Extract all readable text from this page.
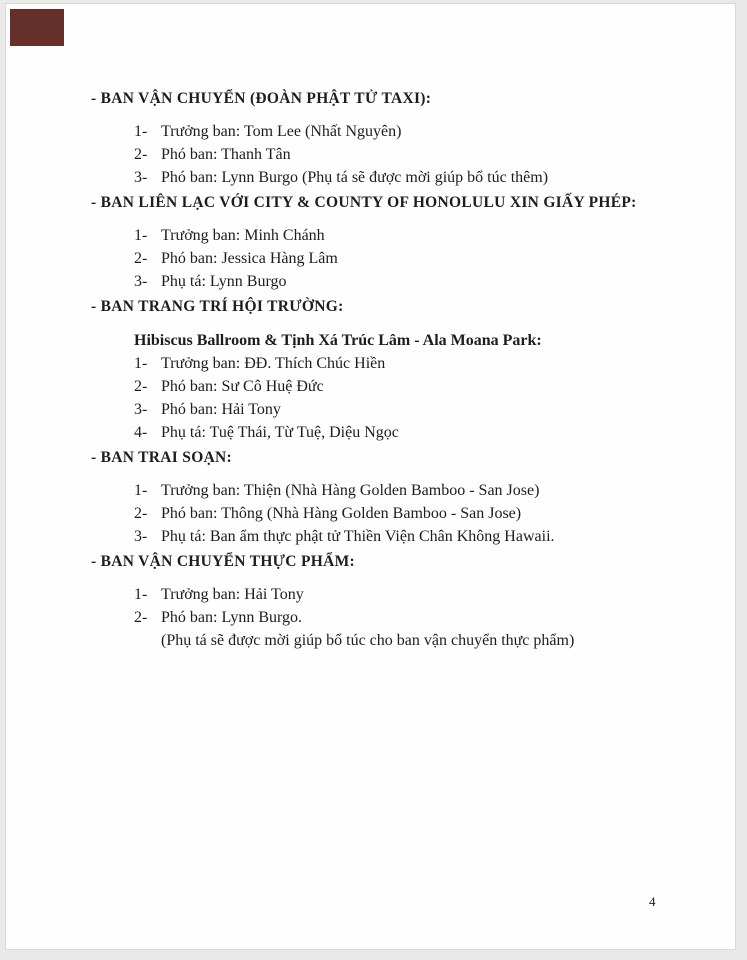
- BAN VẬN CHUYỂN (ĐOÀN PHẬT TỬ TAXI):
1- Trưởng ban: Tom Lee (Nhất Nguyên)
2- Phó ban: Thanh Tân
3- Phó ban: Lynn Burgo (Phụ tá sẽ được mời giúp bổ túc thêm)
- BAN LIÊN LẠC VỚI CITY & COUNTY OF HONOLULU XIN GIẤY PHÉP:
1- Trưởng ban: Minh Chánh
2- Phó ban: Jessica Hàng Lâm
3- Phụ tá: Lynn Burgo
- BAN TRANG TRÍ HỘI TRƯỜNG:
Hibiscus Ballroom & Tịnh Xá Trúc Lâm - Ala Moana Park:
1- Trưởng ban: ĐĐ. Thích Chúc Hiền
2- Phó ban: Sư Cô Huệ Đức
3- Phó ban: Hải Tony
4- Phụ tá: Tuệ Thái, Từ Tuệ, Diệu Ngọc
- BAN TRAI SOẠN:
1- Trưởng ban: Thiện (Nhà Hàng Golden Bamboo - San Jose)
2- Phó ban: Thông (Nhà Hàng Golden Bamboo - San Jose)
3- Phụ tá: Ban ẩm thực phật tử Thiền Viện Chân Không Hawaii.
- BAN VẬN CHUYỂN THỰC PHẨM:
1- Trưởng ban: Hải Tony
2- Phó ban: Lynn Burgo.
(Phụ tá sẽ được mời giúp bổ túc cho ban vận chuyển thực phẩm)
4
